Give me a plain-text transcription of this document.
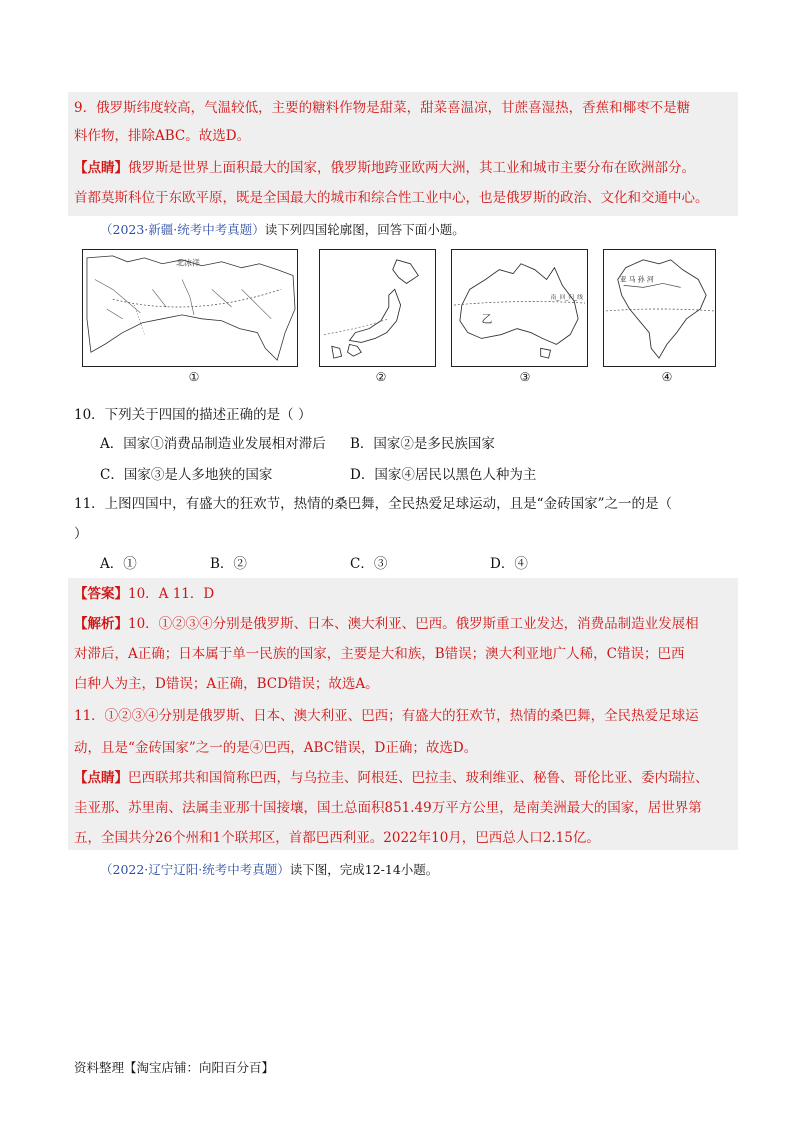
9．俄罗斯纬度较高，气温较低，主要的糖料作物是甜菜，甜菜喜温凉，甘蔗喜湿热，香蕉和椰枣不是糖
料作物，排除ABC。故选D。
【点睛】俄罗斯是世界上面积最大的国家，俄罗斯地跨亚欧两大洲，其工业和城市主要分布在欧洲部分。
首都莫斯科位于东欧平原，既是全国最大的城市和综合性工业中心，也是俄罗斯的政治、文化和交通中心。
（2023·新疆·统考中考真题）读下列四国轮廓图，回答下面小题。
北冰洋
南_回_归_线
乙
亚 马 孙 河
①	②	③	④
10．下列关于四国的描述正确的是（ ）
A．国家①消费品制造业发展相对滞后 B．国家②是多民族国家
C．国家③是人多地狭的国家	D．国家④居民以黑色人种为主
11．上图四国中，有盛大的狂欢节，热情的桑巴舞，全民热爱足球运动，且是“金砖国家”之一的是（
）
A．①	B．②	C．③	D．④
【答案】10．A 11．D
【解析】10．①②③④分别是俄罗斯、日本、澳大利亚、巴西。俄罗斯重工业发达，消费品制造业发展相
对滞后，A正确；日本属于单一民族的国家，主要是大和族，B错误；澳大利亚地广人稀，C错误；巴西
白种人为主，D错误；A正确，BCD错误；故选A。
11．①②③④分别是俄罗斯、日本、澳大利亚、巴西；有盛大的狂欢节，热情的桑巴舞，全民热爱足球运
动，且是“金砖国家”之一的是④巴西，ABC错误，D正确；故选D。
【点睛】巴西联邦共和国简称巴西，与乌拉圭、阿根廷、巴拉圭、玻利维亚、秘鲁、哥伦比亚、委内瑞拉、
圭亚那、苏里南、法属圭亚那十国接壤，国土总面积851.49万平方公里，是南美洲最大的国家，居世界第
五，全国共分26个州和1个联邦区，首都巴西利亚。2022年10月，巴西总人口2.15亿。
（2022·辽宁辽阳·统考中考真题）读下图，完成12-14小题。
资料整理【淘宝店铺：向阳百分百】
